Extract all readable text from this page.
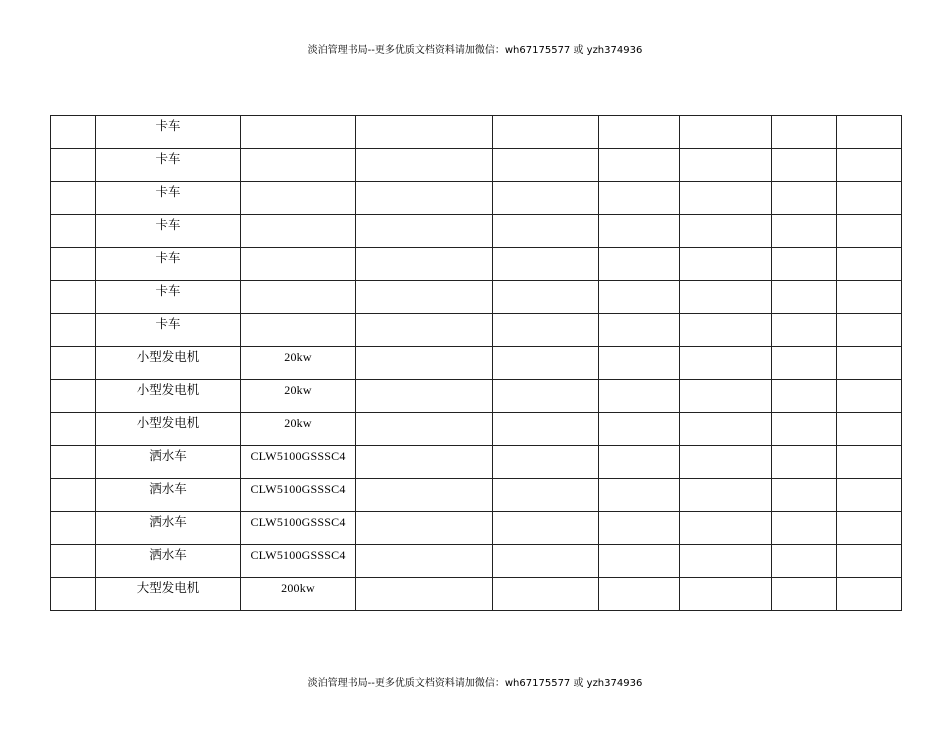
淡泊管理书局--更多优质文档资料请加微信：wh67175577 或 yzh374936

	卡车							

	卡车							

	卡车							

	卡车							

	卡车							

	卡车							

	卡车							

	小型发电机	20kw						

	小型发电机	20kw						

	小型发电机	20kw						

	洒水车	CLW5100GSSSC4						

	洒水车	CLW5100GSSSC4						

	洒水车	CLW5100GSSSC4						

	洒水车	CLW5100GSSSC4						

	大型发电机	200kw						

淡泊管理书局--更多优质文档资料请加微信：wh67175577 或 yzh374936
